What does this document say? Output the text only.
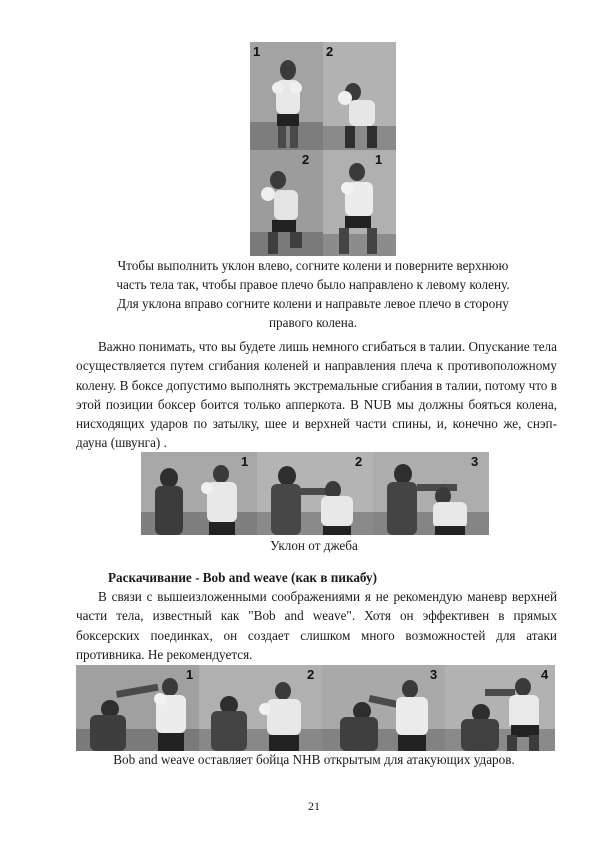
1	2
2	1
Чтобы выполнить уклон влево, согните колени и поверните верхнюю
часть тела так, чтобы правое плечо было направлено к левому колену.
Для уклона вправо согните колени и направьте левое плечо в сторону
правого колена.

Важно понимать, что вы будете лишь немного сгибаться в талии. Опускание тела осуществляется путем сгибания коленей и направления плеча к противоположному колену. В боксе допустимо выполнять экстремальные сгибания в талии, потому что в этой позиции боксер боится только апперкота. В NUB мы должны бояться колена, нисходящих ударов по затылку, шее и верхней части спины, и, конечно же, снэп-дауна (швунга) .

1	2	3
Уклон от джеба
Раскачивание - Bob and weave (как в пикабу)

В связи с вышеизложенными соображениями я не рекомендую маневр верхней части тела, известный как "Bob and weave". Хотя он эффективен в прямых боксерских поединках, он создает слишком много возможностей для атаки противника. Не рекомендуется.

1	2	3	4
Bob and weave оставляет бойца NHB открытым для атакующих ударов.
21
